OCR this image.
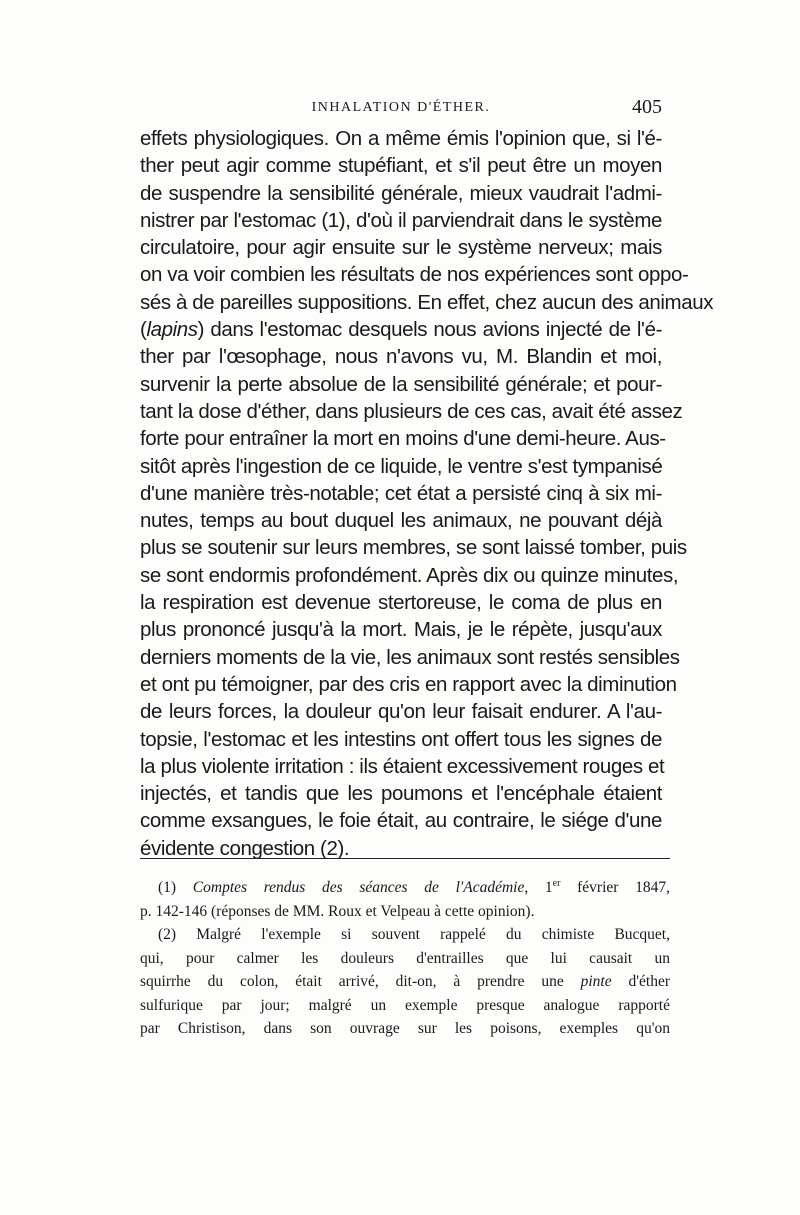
INHALATION D'ÉTHER.	405
effets physiologiques. On a même émis l'opinion que, si l'é-
ther peut agir comme stupéfiant, et s'il peut être un moyen
de suspendre la sensibilité générale, mieux vaudrait l'admi-
nistrer par l'estomac (1), d'où il parviendrait dans le système
circulatoire, pour agir ensuite sur le système nerveux; mais
on va voir combien les résultats de nos expériences sont oppo-
sés à de pareilles suppositions. En effet, chez aucun des animaux
(lapins) dans l'estomac desquels nous avions injecté de l'é-
ther par l'œsophage, nous n'avons vu, M. Blandin et moi,
survenir la perte absolue de la sensibilité générale; et pour-
tant la dose d'éther, dans plusieurs de ces cas, avait été assez
forte pour entraîner la mort en moins d'une demi-heure. Aus-
sitôt après l'ingestion de ce liquide, le ventre s'est tympanisé
d'une manière très-notable; cet état a persisté cinq à six mi-
nutes, temps au bout duquel les animaux, ne pouvant déjà
plus se soutenir sur leurs membres, se sont laissé tomber, puis
se sont endormis profondément. Après dix ou quinze minutes,
la respiration est devenue stertoreuse, le coma de plus en
plus prononcé jusqu'à la mort. Mais, je le répète, jusqu'aux
derniers moments de la vie, les animaux sont restés sensibles
et ont pu témoigner, par des cris en rapport avec la diminution
de leurs forces, la douleur qu'on leur faisait endurer. A l'au-
topsie, l'estomac et les intestins ont offert tous les signes de
la plus violente irritation : ils étaient excessivement rouges et
injectés, et tandis que les poumons et l'encéphale étaient
comme exsangues, le foie était, au contraire, le siége d'une
évidente congestion (2).
(1) Comptes rendus des séances de l'Académie, 1er février 1847,
p. 142-146 (réponses de MM. Roux et Velpeau à cette opinion).
(2) Malgré l'exemple si souvent rappelé du chimiste Bucquet,
qui, pour calmer les douleurs d'entrailles que lui causait un
squirrhe du colon, était arrivé, dit-on, à prendre une pinte d'éther
sulfurique par jour; malgré un exemple presque analogue rapporté
par Christison, dans son ouvrage sur les poisons, exemples qu'on
